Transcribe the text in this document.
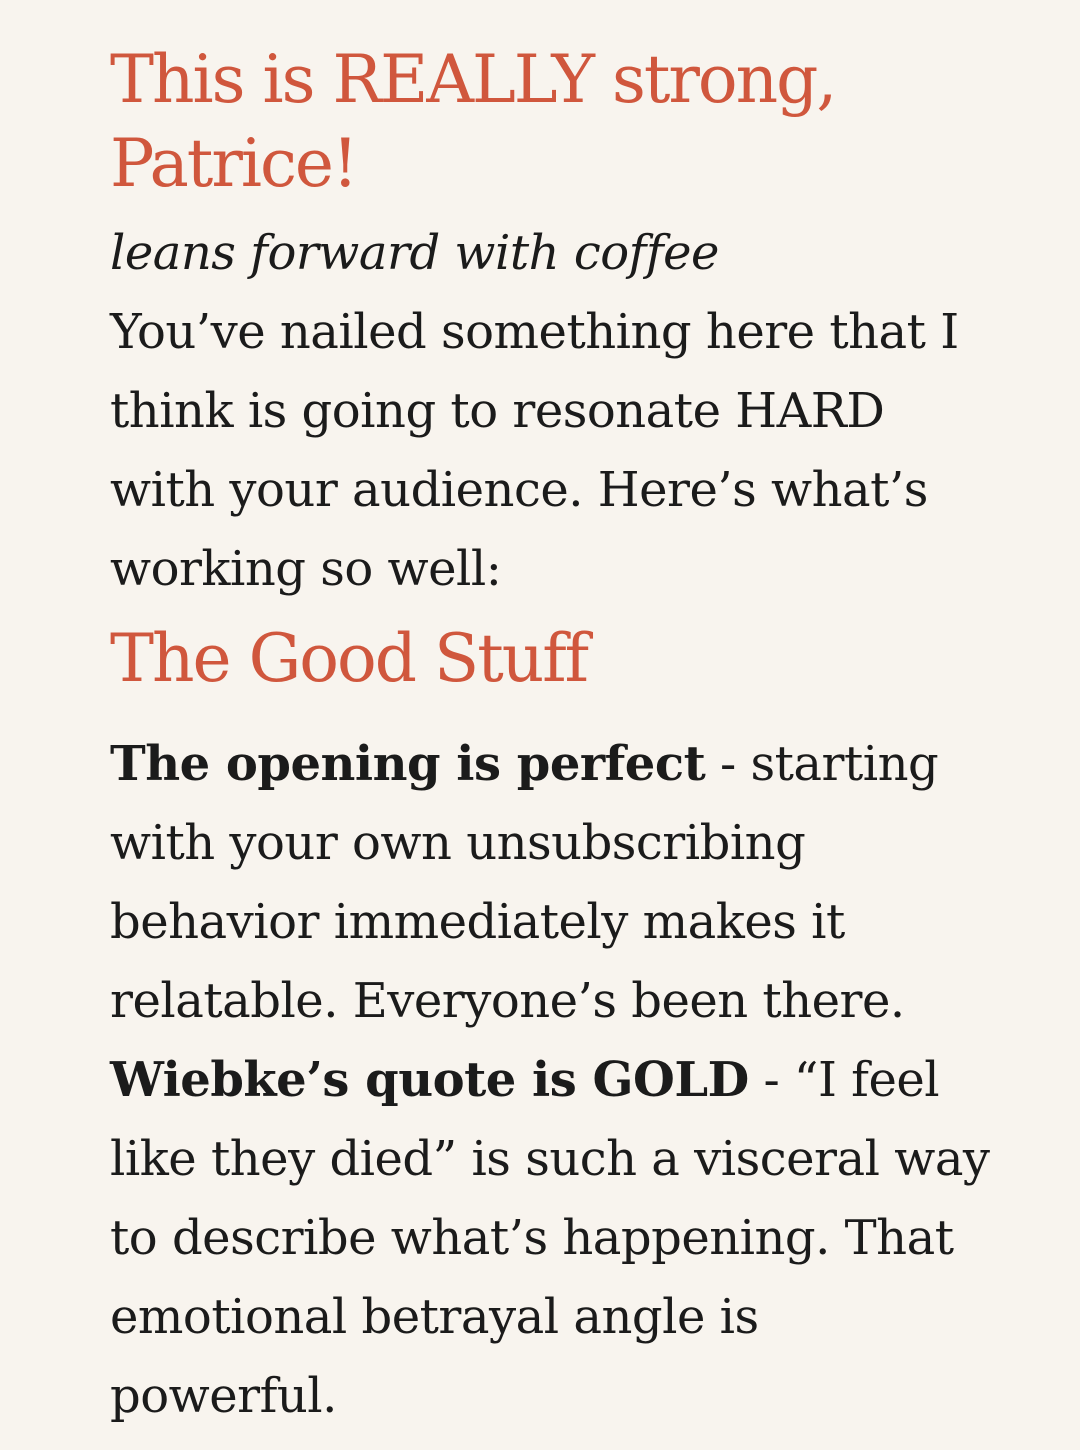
This is REALLY strong, Patrice!

leans forward with coffee

You’ve nailed something here that I think is going to resonate HARD with your audience. Here’s what’s working so well:

The Good Stuff

The opening is perfect - starting with your own unsubscribing behavior immediately makes it relatable. Everyone’s been there.

Wiebke’s quote is GOLD - “I feel like they died” is such a visceral way to describe what’s happening. That emotional betrayal angle is powerful.
